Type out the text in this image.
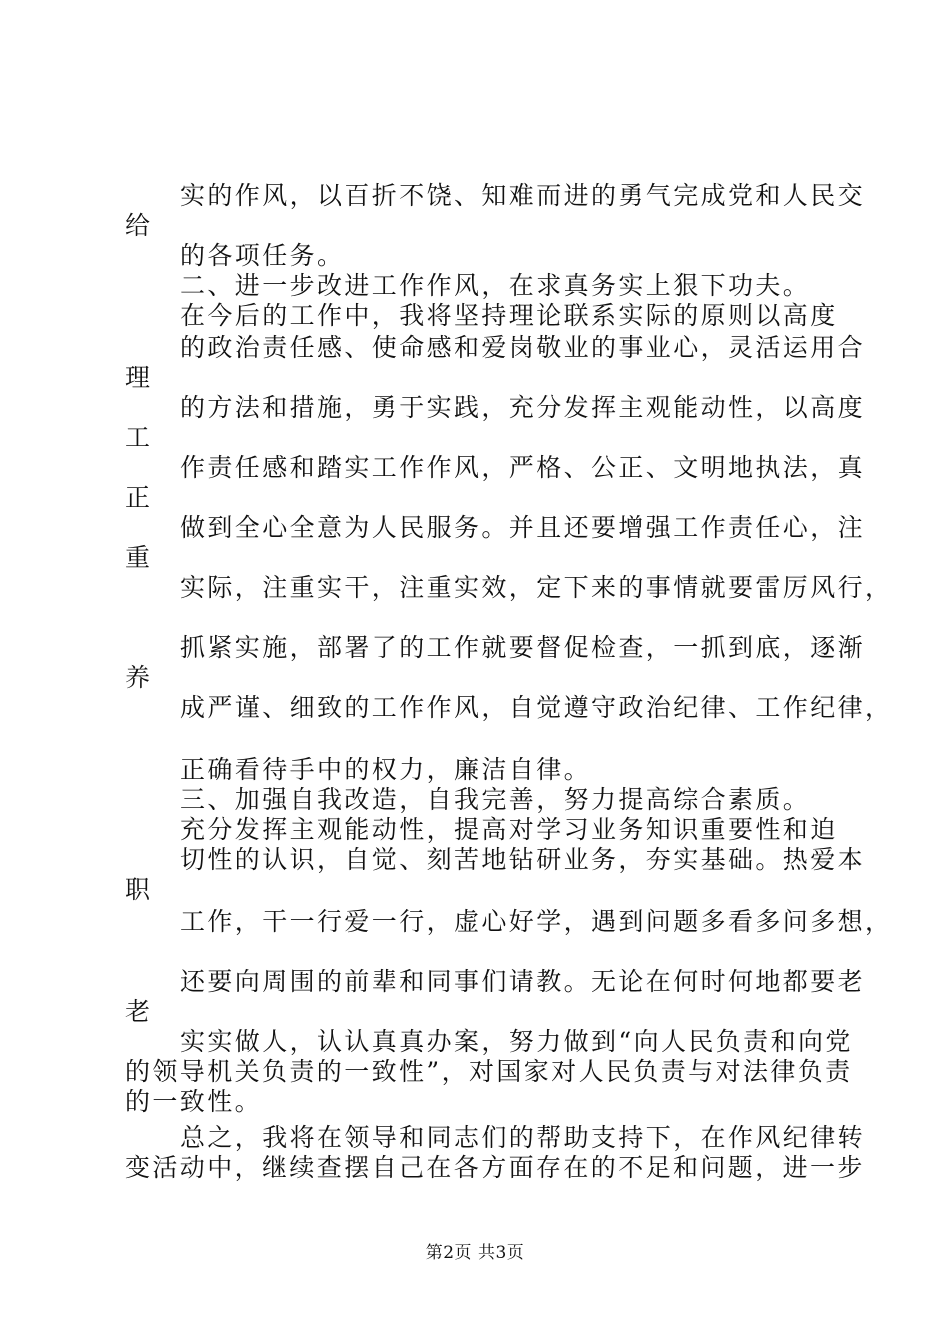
实的作风，以百折不饶、知难而进的勇气完成党和人民交
给
的各项任务。
二、进一步改进工作作风，在求真务实上狠下功夫。
在今后的工作中，我将坚持理论联系实际的原则以高度
的政治责任感、使命感和爱岗敬业的事业心，灵活运用合
理
的方法和措施，勇于实践，充分发挥主观能动性，以高度
工
作责任感和踏实工作作风，严格、公正、文明地执法，真
正
做到全心全意为人民服务。并且还要增强工作责任心，注
重
实际，注重实干，注重实效，定下来的事情就要雷厉风行，
抓紧实施，部署了的工作就要督促检查，一抓到底，逐渐
养
成严谨、细致的工作作风，自觉遵守政治纪律、工作纪律，
正确看待手中的权力，廉洁自律。
三、加强自我改造，自我完善，努力提高综合素质。
充分发挥主观能动性，提高对学习业务知识重要性和迫
切性的认识，自觉、刻苦地钻研业务，夯实基础。热爱本
职
工作，干一行爱一行，虚心好学，遇到问题多看多问多想，
还要向周围的前辈和同事们请教。无论在何时何地都要老
老
实实做人，认认真真办案，努力做到“向人民负责和向党
的领导机关负责的一致性”，对国家对人民负责与对法律负责
的一致性。
总之，我将在领导和同志们的帮助支持下，在作风纪律转
变活动中，继续查摆自己在各方面存在的不足和问题，进一步
第2页 共3页
